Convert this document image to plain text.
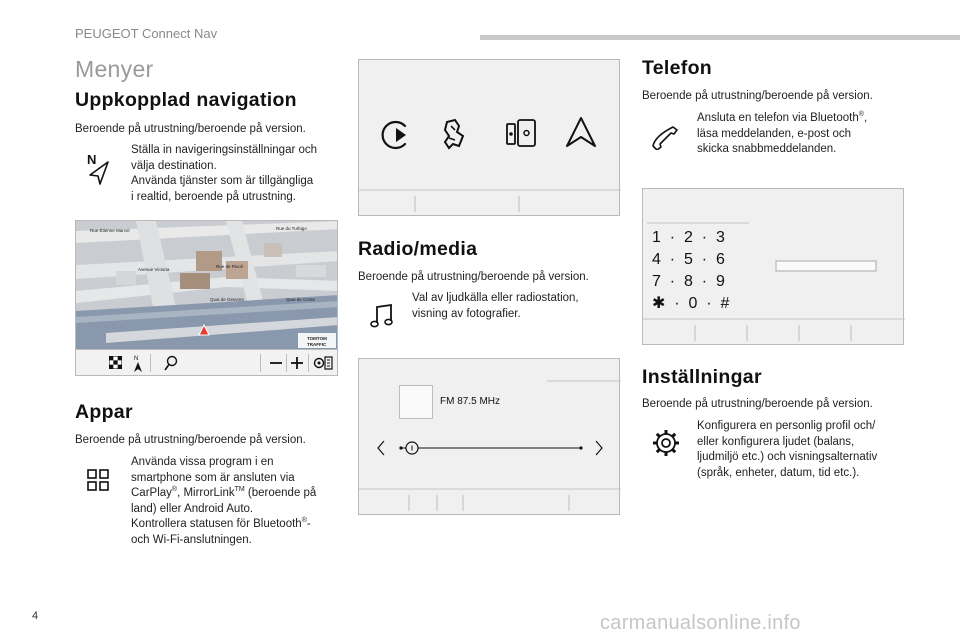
PEUGEOT Connect Nav
Menyer
Uppkopplad navigation
Beroende på utrustning/beroende på version.
N
Ställa in navigeringsinställningar och
välja destination.
Använda tjänster som är tillgängliga
i realtid, beroende på utrustning.
Rue Étienne Marcel	Rue du Turbigo
Rue de Rivoli
Avenue Victoria
Quai de Gesvres	Quai de Corse
TOMTOM
TRAFFIC
N
Appar
Beroende på utrustning/beroende på version.
Använda vissa program i en
smartphone som är ansluten via
CarPlay®, MirrorLink™ (beroende på
land) eller Android Auto.
Kontrollera statusen för Bluetooth®-
och Wi-Fi-anslutningen.
Radio/media
Beroende på utrustning/beroende på version.
Val av ljudkälla eller radiostation,
visning av fotografier.
FM 87.5 MHz
Telefon
Beroende på utrustning/beroende på version.
Ansluta en telefon via Bluetooth®,
läsa meddelanden, e-post och
skicka snabbmeddelanden.
1  ·  2  ·  3
4  ·  5  ·  6
7  ·  8  ·  9
✱  ·  0  ·  #
Inställningar
Beroende på utrustning/beroende på version.
Konfigurera en personlig profil och/
eller konfigurera ljudet (balans,
ljudmiljö etc.) och visningsalternativ
(språk, enheter, datum, tid etc.).
4	carmanualsonline.info
